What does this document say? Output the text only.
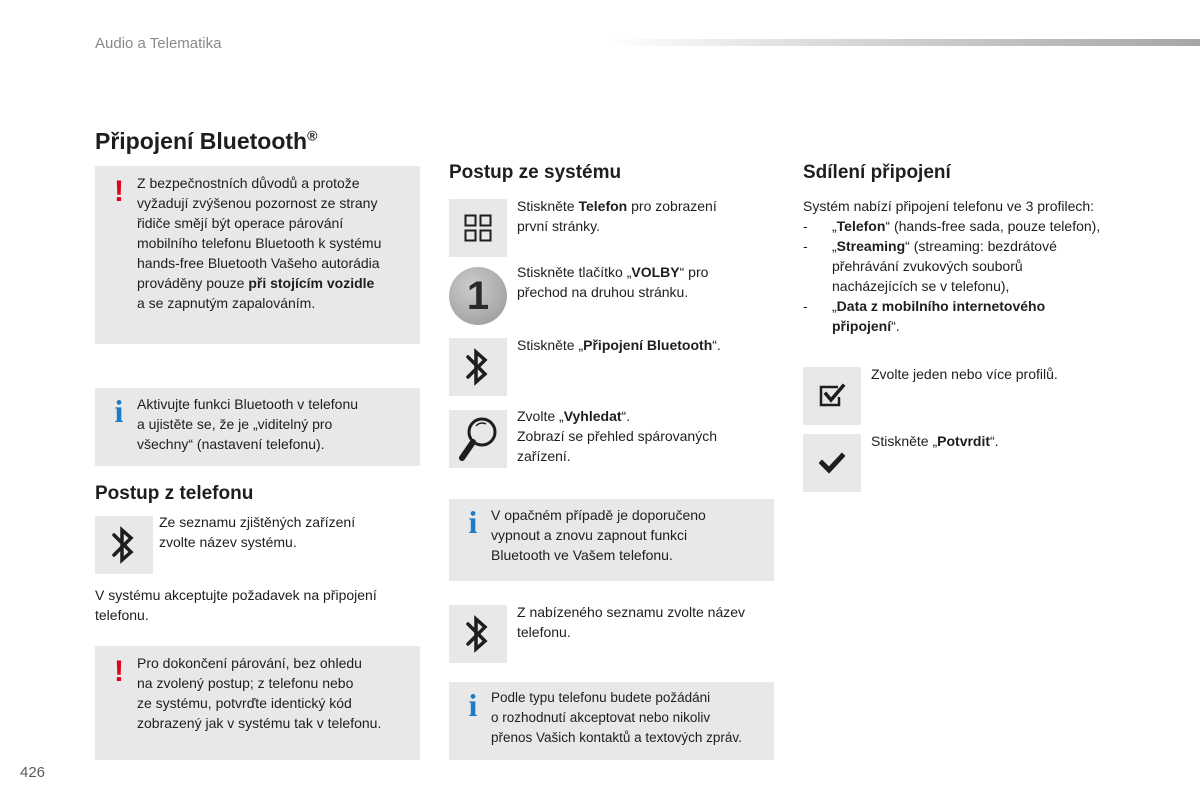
Audio a Telematika
Připojení Bluetooth®
! Z bezpečnostních důvodů a protože
vyžadují zvýšenou pozornost ze strany
řidiče smějí být operace párování
mobilního telefonu Bluetooth k systému
hands-free Bluetooth Vašeho autorádia
prováděny pouze při stojícím vozidle
a se zapnutým zapalováním.
i Aktivujte funkci Bluetooth v telefonu
a ujistěte se, že je „viditelný pro
všechny“ (nastavení telefonu).
Postup z telefonu
Ze seznamu zjištěných zařízení
zvolte název systému.
V systému akceptujte požadavek na připojení
telefonu.
! Pro dokončení párování, bez ohledu
na zvolený postup; z telefonu nebo
ze systému, potvrďte identický kód
zobrazený jak v systému tak v telefonu.
Postup ze systému
Stiskněte Telefon pro zobrazení
první stránky.
1
Stiskněte tlačítko „VOLBY“ pro
přechod na druhou stránku.
Stiskněte „Připojení Bluetooth“.
Zvolte „Vyhledat“.
Zobrazí se přehled spárovaných
zařízení.
i V opačném případě je doporučeno
vypnout a znovu zapnout funkci
Bluetooth ve Vašem telefonu.
Z nabízeného seznamu zvolte název
telefonu.
i Podle typu telefonu budete požádáni
o rozhodnutí akceptovat nebo nikoliv
přenos Vašich kontaktů a textových zpráv.
Sdílení připojení
Systém nabízí připojení telefonu ve 3 profilech:
- „Telefon“ (hands-free sada, pouze telefon),
- „Streaming“ (streaming: bezdrátové
přehrávání zvukových souborů
nacházejících se v telefonu),
- „Data z mobilního internetového
připojení“.
Zvolte jeden nebo více profilů.
Stiskněte „Potvrdit“.
426
